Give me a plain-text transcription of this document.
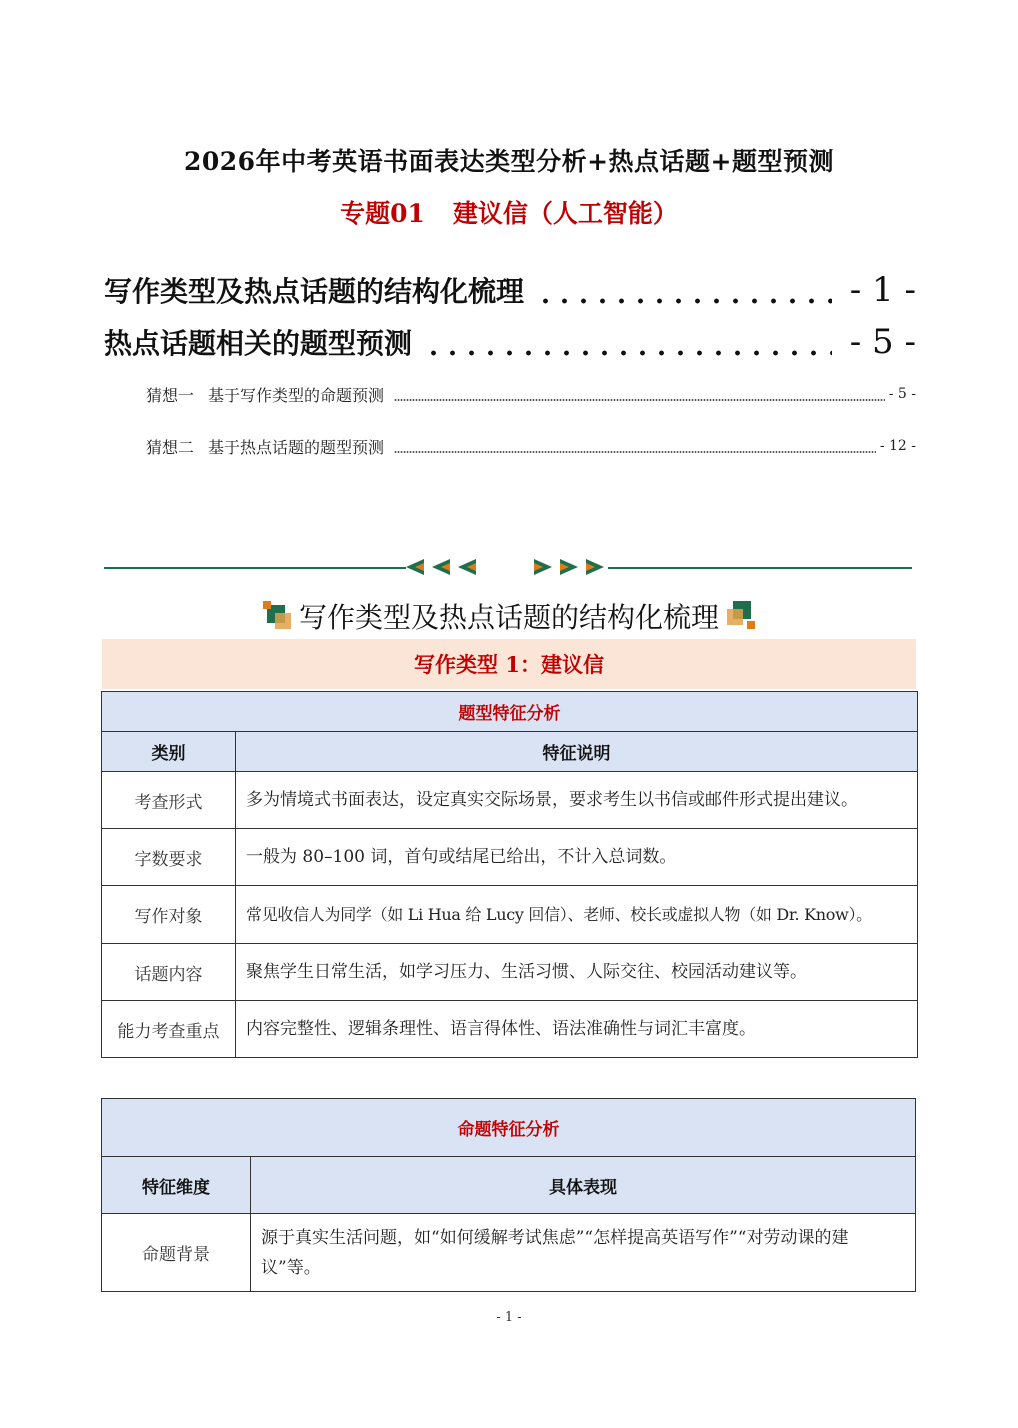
2026年中考英语书面表达类型分析+热点话题+题型预测
专题01 建议信（人工智能）
写作类型及热点话题的结构化梳理	- 1 -
热点话题相关的题型预测	- 5 -
猜想一 基于写作类型的命题预测	- 5 -
猜想二 基于热点话题的题型预测	- 12 -
写作类型及热点话题的结构化梳理
写作类型 1：建议信
题型特征分析	
类别	特征说明
考查形式	多为情境式书面表达，设定真实交际场景，要求考生以书信或邮件形式提出建议。
字数要求	一般为 80–100 词，首句或结尾已给出，不计入总词数。
写作对象	常见收信人为同学（如 Li Hua 给 Lucy 回信）、老师、校长或虚拟人物（如 Dr. Know）。
话题内容	聚焦学生日常生活，如学习压力、生活习惯、人际交往、校园活动建议等。
能力考查重点	内容完整性、逻辑条理性、语言得体性、语法准确性与词汇丰富度。
命题特征分析	
特征维度	具体表现
命题背景	源于真实生活问题，如“如何缓解考试焦虑”“怎样提高英语写作”“对劳动课的建议”等。
- 1 -
